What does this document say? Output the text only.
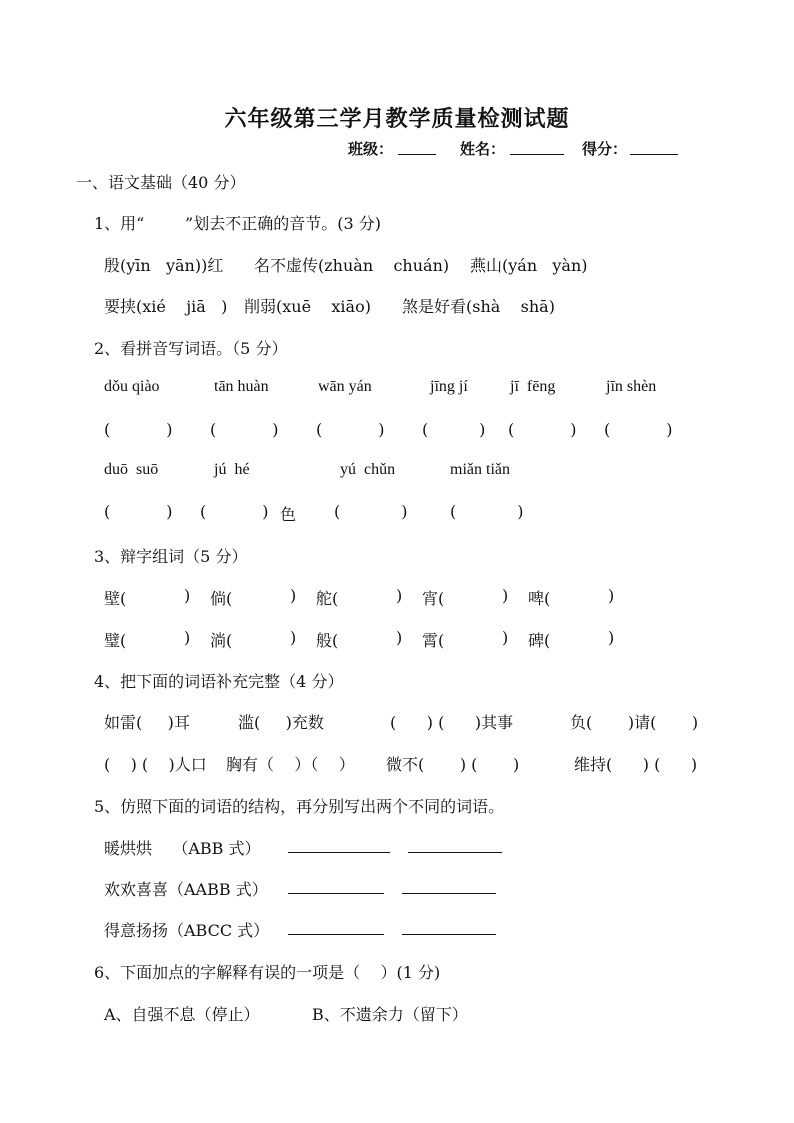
六年级第三学月教学质量检测试题
班级：	姓名：	得分：
一、语文基础（40 分）
1、用“        ”划去不正确的音节。(3 分)
殷(yīn   yān))红 名不虚传(zhuàn    chuán) 燕山(yán   yàn)
要挟(xié    jiā   ) 削弱(xuē    xiāo) 煞是好看(shà    shā)
2、看拼音写词语。（5 分）
dǒu qiào	tān huàn	wān yán	jīng jí	jī  fēng	jīn shèn
(           ) (           ) (           ) (          ) (           ) (           )
duō  suō	jú  hé	yú  chǔn	miǎn tiǎn
(           ) (           ) 色 (            )	(            )
3、辩字组词（5 分）
壁(	) 倘(	) 舵(	) 宵(	) 啤(	)
璧(	) 淌(	) 般(	) 霄(	) 碑(	)
4、把下面的词语补充完整（4 分）
如雷(     )耳	滥(     )充数	(      ) (      )其事	负(       )请(       )
(    ) (    )人口 胸有（    ）（    ） 微不(       ) (       )	维持(      ) (      )
5、仿照下面的词语的结构，再分别写出两个不同的词语。
暖烘烘    （ABB 式）
欢欢喜喜（AABB 式）
得意扬扬（ABCC 式）
6、下面加点的字解释有误的一项是（    ）(1 分)
A、自强不息（停止）	B、不遗余力（留下）
